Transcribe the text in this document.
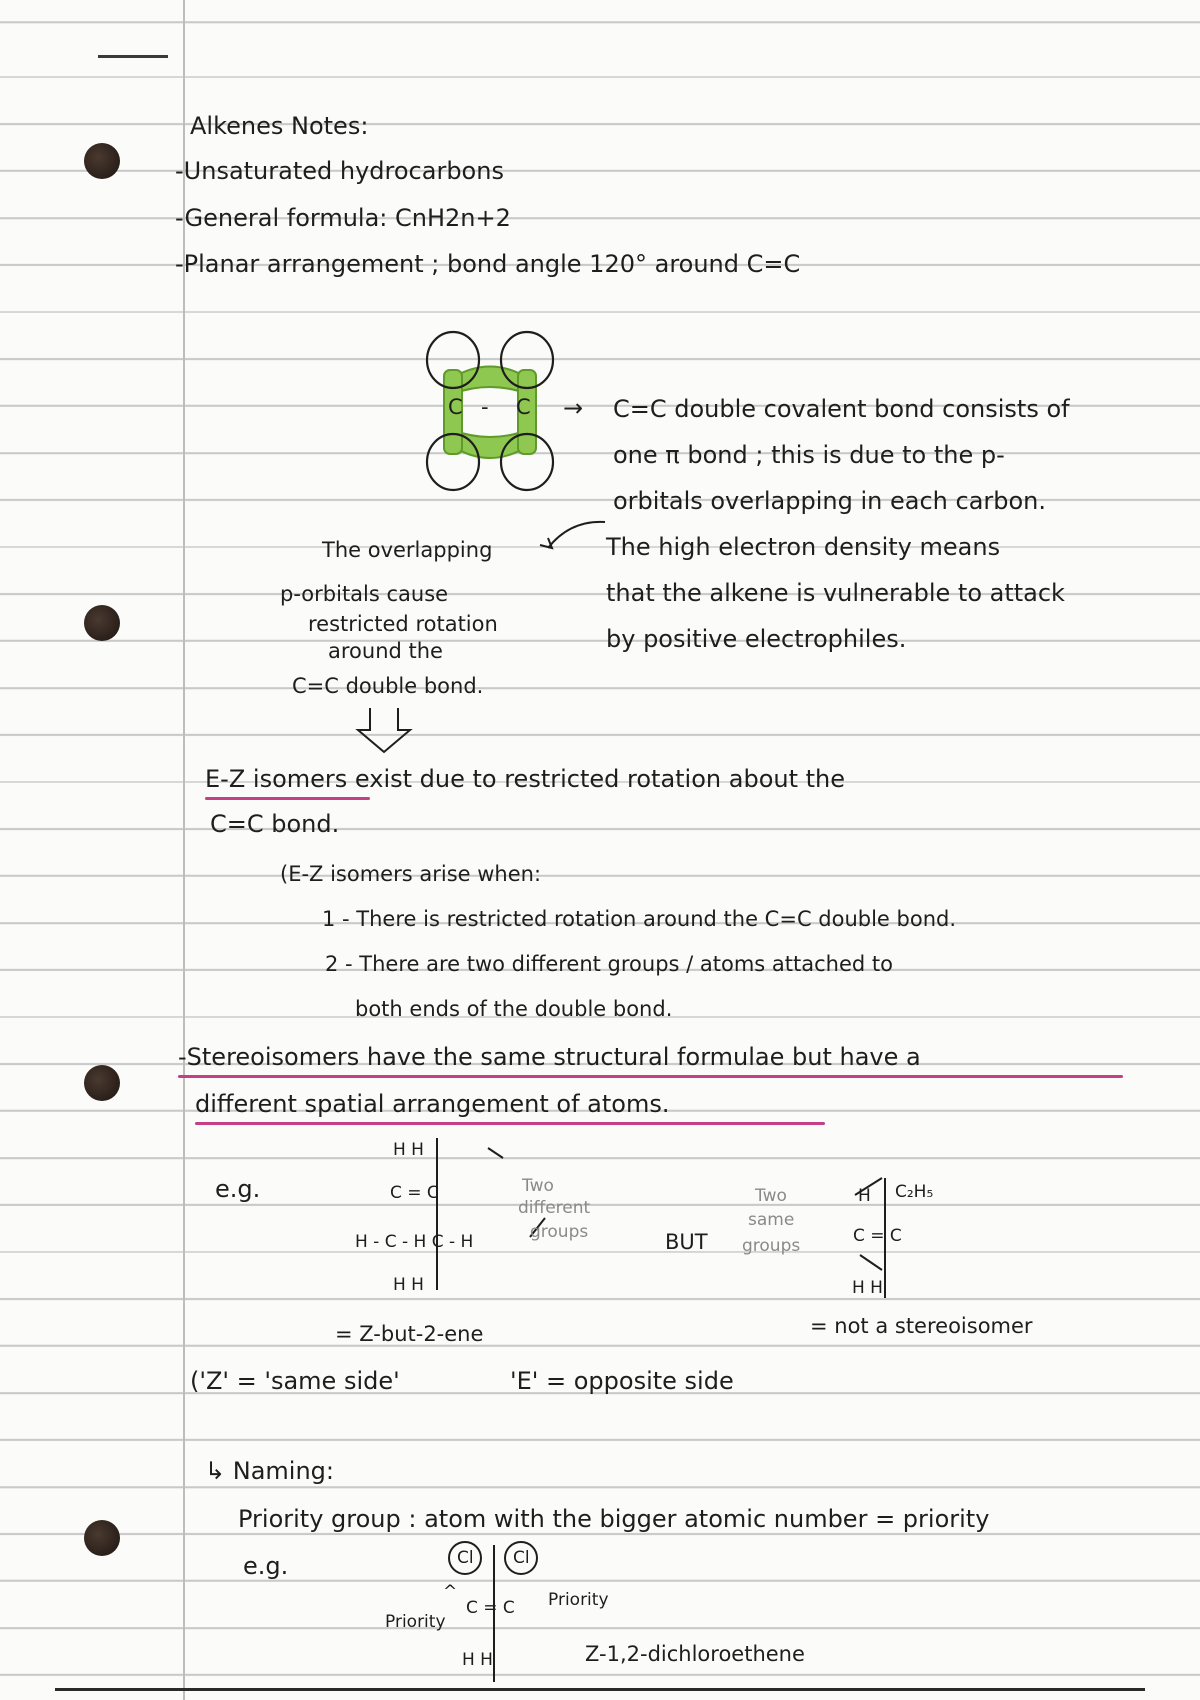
Alkenes Notes:
-Unsaturated hydrocarbons
-General formula: CnH2n+2
-Planar arrangement ; bond angle 120° around C=C
C - C → C=C double covalent bond consists of
one π bond ; this is due to the p-
orbitals overlapping in each carbon.
The high electron density means
that the alkene is vulnerable to attack
by positive electrophiles.
The overlapping
p-orbitals cause
restricted rotation
around the
C=C double bond.
E-Z isomers exist due to restricted rotation about the
C=C bond.
(E-Z isomers arise when:
1 - There is restricted rotation around the C=C double bond.
2 - There are two different groups / atoms attached to
both ends of the double bond.
-Stereoisomers have the same structural formulae but have a
different spatial arrangement of atoms.
e.g.
H H
C = C
H - C - H C - H
H H
Two
different
groups	BUT
Two
same
groups
H C₂H₅
C = C
H H
= Z-but-2-ene	= not a stereoisomer
('Z' = 'same side'	'E' = opposite side
↳ Naming:
Priority group : atom with the bigger atomic number = priority
e.g.	Cl Cl
^
Priority
Priority
C = C
H H	Z-1,2-dichloroethene
